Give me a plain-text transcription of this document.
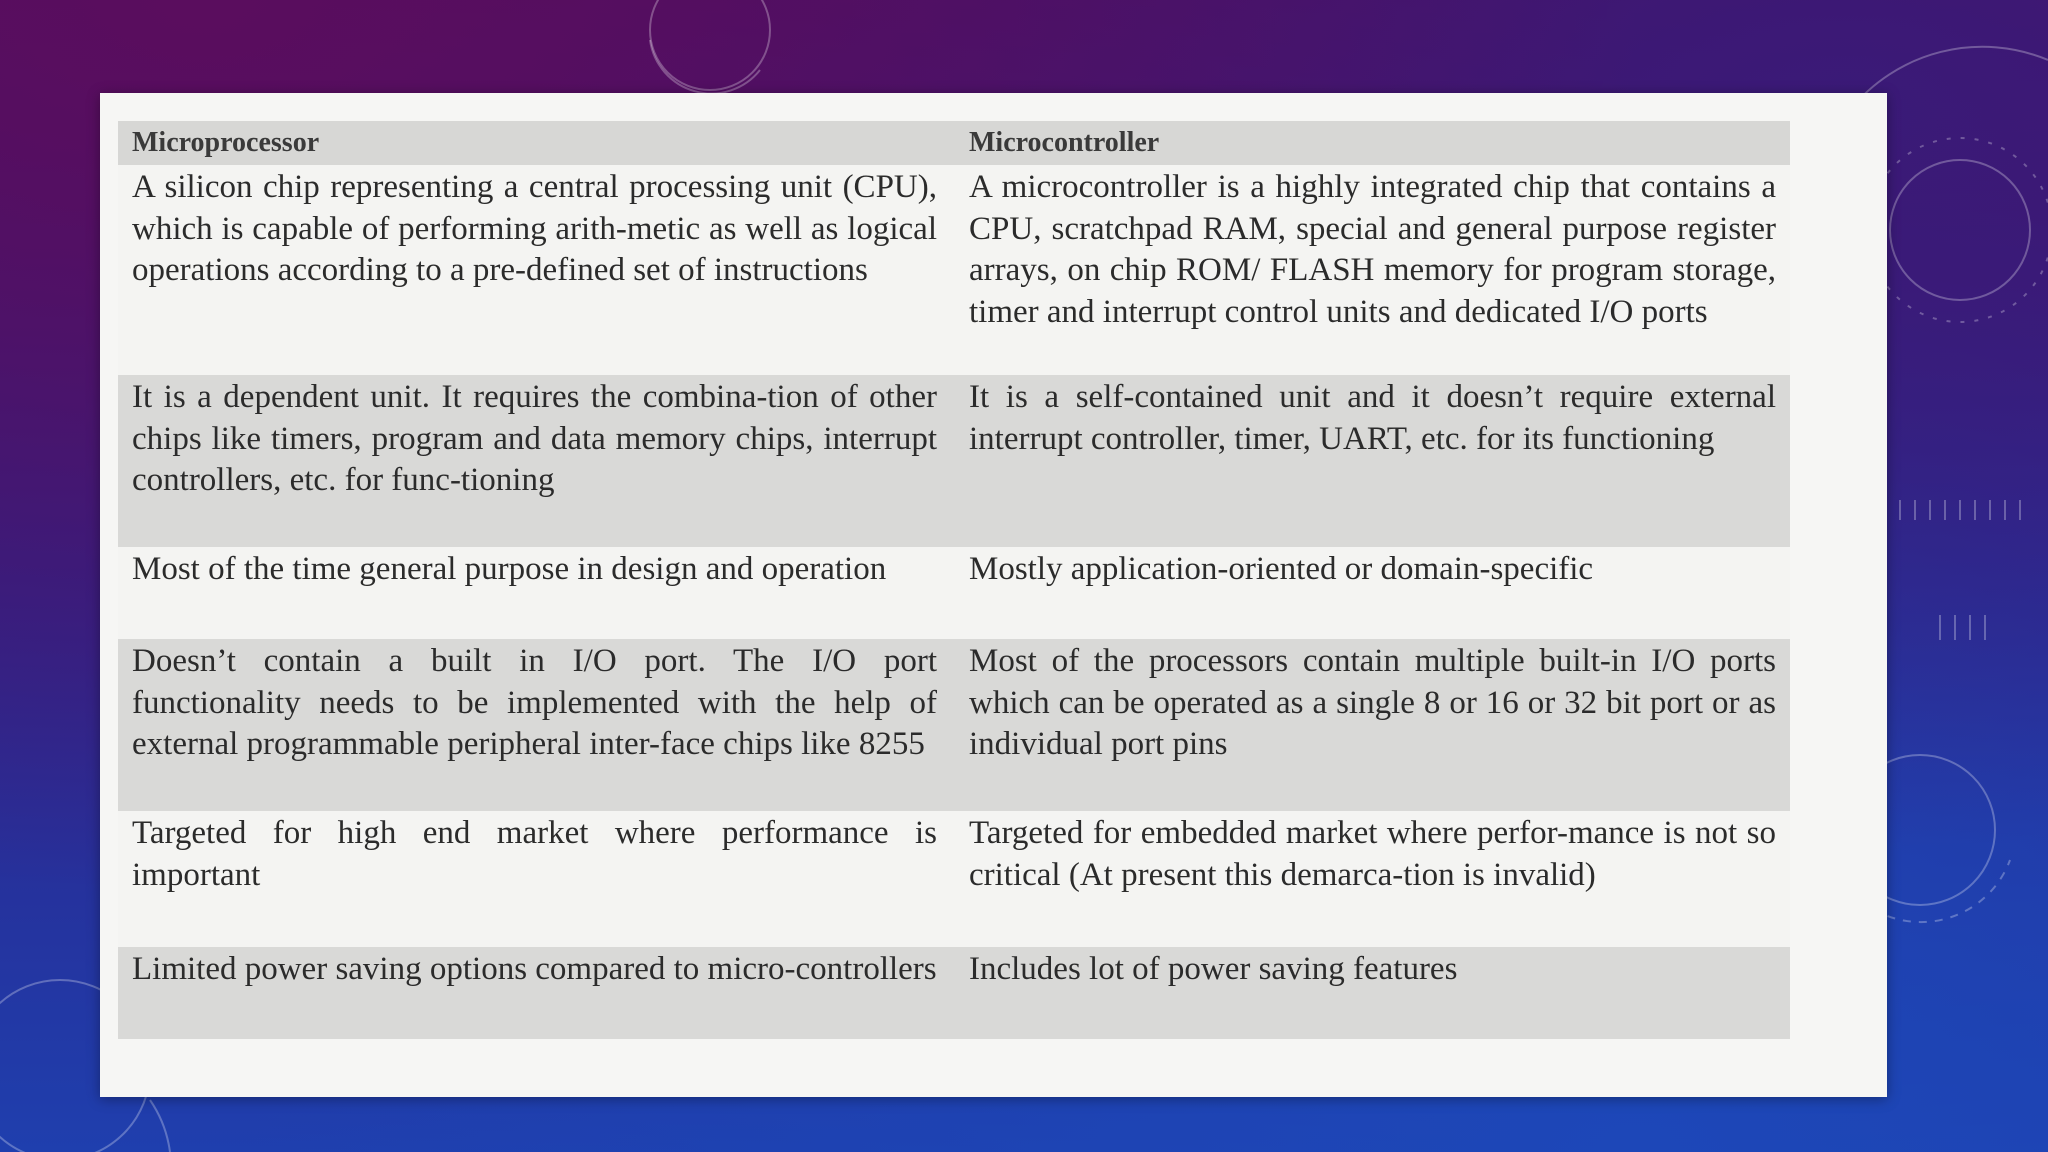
Microprocessor	Microcontroller
A silicon chip representing a central processing unit (CPU), which is capable of performing arith-metic as well as logical operations according to a pre-defined set of instructions
A microcontroller is a highly integrated chip that contains a CPU, scratchpad RAM, special and general purpose register arrays, on chip ROM/ FLASH memory for program storage, timer and interrupt control units and dedicated I/O ports
It is a dependent unit. It requires the combina-tion of other chips like timers, program and data memory chips, interrupt controllers, etc. for func-tioning
It is a self-contained unit and it doesn’t require external interrupt controller, timer, UART, etc. for its functioning
Most of the time general purpose in design and operation	Mostly application-oriented or domain-specific
Doesn’t contain a built in I/O port. The I/O port functionality needs to be implemented with the help of external programmable peripheral inter-face chips like 8255
Most of the processors contain multiple built-in I/O ports which can be operated as a single 8 or 16 or 32 bit port or as individual port pins
Targeted for high end market where performance is important
Targeted for embedded market where perfor-mance is not so critical (At present this demarca-tion is invalid)
Limited power saving options compared to micro-controllers Includes lot of power saving features
